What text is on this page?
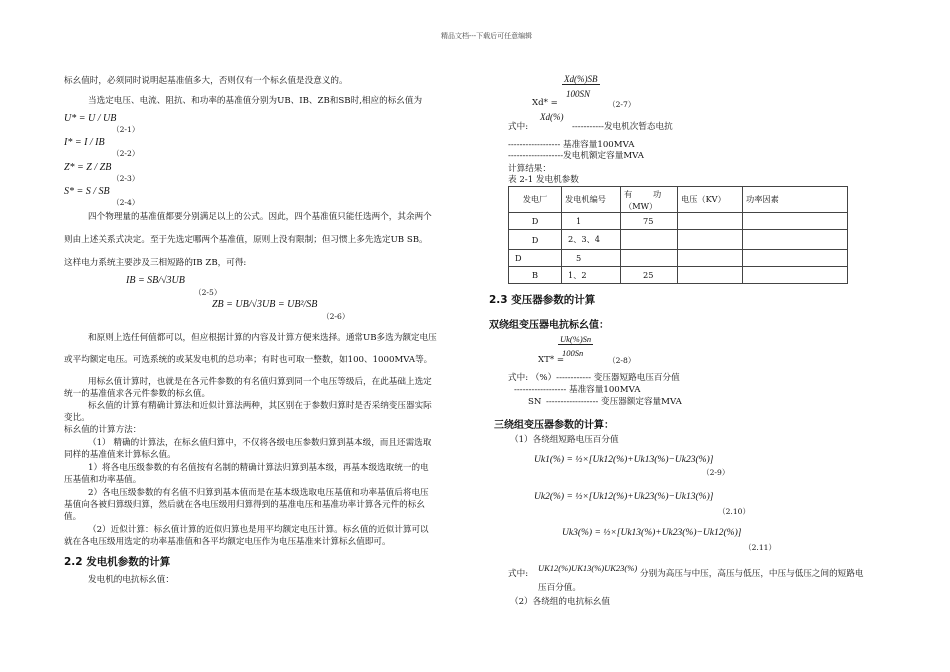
精品文档---下载后可任意编辑
标幺值时，必须同时说明起基准值多大，否则仅有一个标幺值是没意义的。
当选定电压、电流、阻抗、和功率的基准值分别为UB、IB、ZB和SB时,相应的标幺值为
U* = U / UB
（2-1）
I* = I / IB
（2-2）
Z* = Z / ZB
（2-3）
S* = S / SB
（2-4）
四个物理量的基准值都要分别满足以上的公式。因此，四个基准值只能任选两个，其余两个
则由上述关系式决定。至于先选定哪两个基准值，原则上没有限制；但习惯上多先选定UB SB。
这样电力系统主要涉及三相短路的IB ZB，可得:
IB = SB/√3UB
（2-5）
ZB = UB/√3UB = UB²/SB
（2-6）
和原则上选任何值都可以，但应根据计算的内容及计算方便来选择。通常UB多选为额定电压
或平均额定电压。可选系统的或某发电机的总功率；有时也可取一整数，如100、1000MVA等。
用标幺值计算时，也就是在各元件参数的有名值归算到同一个电压等级后，在此基础上选定
统一的基准值求各元件参数的标幺值。
标幺值的计算有精确计算法和近似计算法两种，其区别在于参数归算时是否采纳变压器实际
变比。
标幺值的计算方法：
（1） 精确的计算法，在标幺值归算中，不仅将各级电压参数归算到基本级，而且还需选取
同样的基准值来计算标幺值。
1）将各电压级参数的有名值按有名制的精确计算法归算到基本级，再基本级选取统一的电
压基值和功率基值。
2）各电压级参数的有名值不归算到基本值而是在基本级选取电压基值和功率基值后将电压
基值向各被归算级归算，然后就在各电压级用归算得到的基准电压和基准功率计算各元件的标幺
值。
（2）近似计算：标幺值计算的近似归算也是用平均额定电压计算。标幺值的近似计算可以
就在各电压级用选定的功率基准值和各平均额定电压作为电压基准来计算标幺值即可。
2.2 发电机参数的计算
发电机的电抗标幺值：
Xd(%)SB
100SN
Xd* =	（2-7）
Xd(%)
式中:	-----------发电机次暂态电抗
------------------ 基准容量100MVA
-------------------发电机额定容量MVA
计算结果：
表 2-1 发电机参数
发电厂	发电机编号	有        功
（MW）	电压（KV）	功率因素
D	1	75		
D	2、3、4			
D	5			
B	1、2	25		
2.3 变压器参数的计算
双绕组变压器电抗标幺值：
Uk(%)Sn
100Sn
XT* =	（2-8）
式中: （%）------------ 变压器短路电压百分值
------------------ 基准容量100MVA
SN ------------------ 变压器额定容量MVA
三绕组变压器参数的计算：
（1）各绕组短路电压百分值
Uk1(%) = ½×[Uk12(%)+Uk13(%)−Uk23(%)]
（2-9）
Uk2(%) = ½×[Uk12(%)+Uk23(%)−Uk13(%)]
（2.10）
Uk3(%) = ½×[Uk13(%)+Uk23(%)−Uk12(%)]
（2.11）
式中:
UK12(%)UK13(%)UK23(%)
分别为高压与中压，高压与低压，中压与低压之间的短路电
压百分值。
（2）各绕组的电抗标幺值
